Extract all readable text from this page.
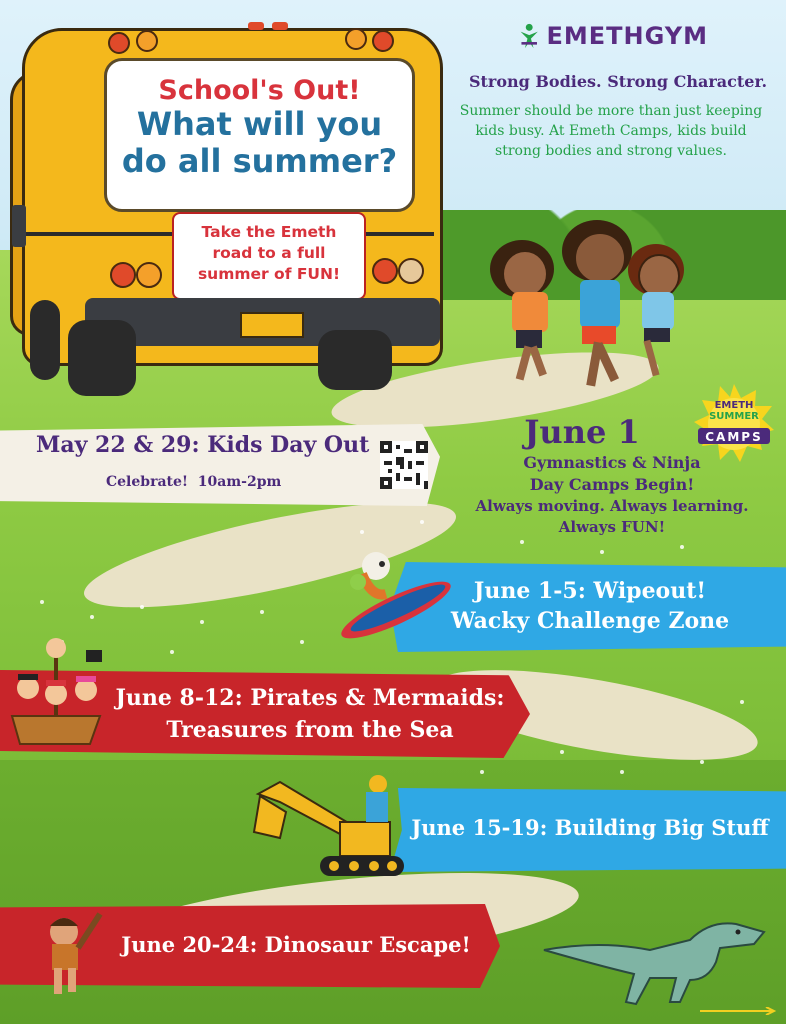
School's Out!
What will you
do all summer?
Take the Emeth
road to a full
summer of FUN!
EMETHGYM
Strong Bodies. Strong Character.
Summer should be more than just keeping kids busy. At Emeth Camps, kids build strong bodies and strong values.
May 22 & 29: Kids Day Out
Celebrate!  10am-2pm
June 1
Gymnastics & Ninja
Day Camps Begin!
Always moving. Always learning.
Always FUN!
EMETH
SUMMER
CAMPS
June 1-5: Wipeout!
Wacky Challenge Zone
June 8-12: Pirates & Mermaids:
Treasures from the Sea
June 15-19: Building Big Stuff
June 20-24: Dinosaur Escape!
